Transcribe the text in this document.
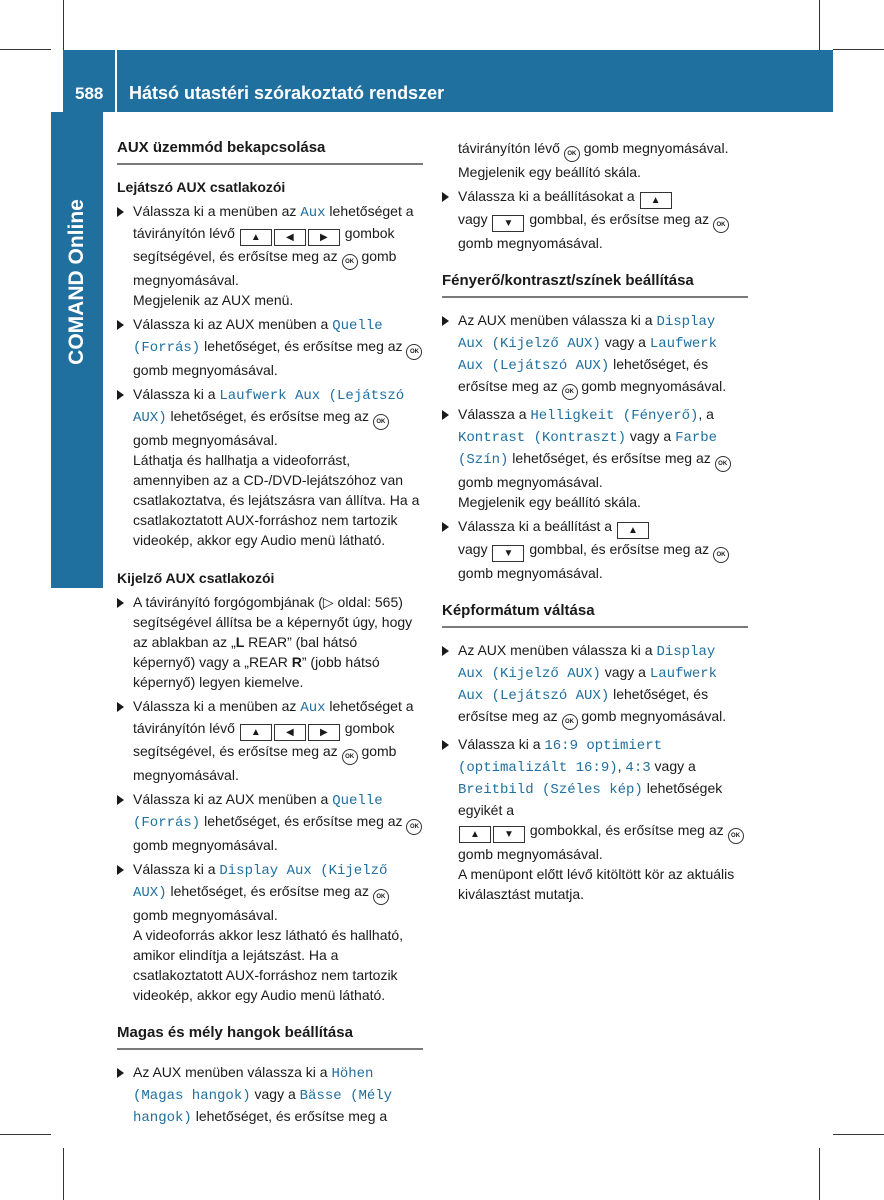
588 Hátsó utastéri szórakoztató rendszer
COMAND Online
AUX üzemmód bekapcsolása
Lejátszó AUX csatlakozói
Válassza ki a menüben az Aux lehetőséget a távirányítón lévő ▲	◀	▶ gombok segítségével, és erősítse meg az OK gomb megnyomásával.
Megjelenik az AUX menü.
Válassza ki az AUX menüben a Quelle (Forrás) lehetőséget, és erősítse meg az OK gomb megnyomásával.
Válassza ki a Laufwerk Aux (Lejátszó AUX) lehetőséget, és erősítse meg az OK gomb megnyomásával.
Láthatja és hallhatja a videoforrást, amennyiben az a CD-/DVD-lejátszóhoz van csatlakoztatva, és lejátszásra van állítva. Ha a csatlakoztatott AUX-forráshoz nem tartozik videokép, akkor egy Audio menü látható.
Kijelző AUX csatlakozói
A távirányító forgógombjának (▷ oldal: 565) segítségével állítsa be a képernyőt úgy, hogy az ablakban az „L REAR” (bal hátsó képernyő) vagy a „REAR R” (jobb hátsó képernyő) legyen kiemelve.
Válassza ki a menüben az Aux lehetőséget a távirányítón lévő ▲	◀	▶ gombok segítségével, és erősítse meg az OK gomb megnyomásával.
Válassza ki az AUX menüben a Quelle (Forrás) lehetőséget, és erősítse meg az OK gomb megnyomásával.
Válassza ki a Display Aux (Kijelző AUX) lehetőséget, és erősítse meg az OK gomb megnyomásával.
A videoforrás akkor lesz látható és hallható, amikor elindítja a lejátszást. Ha a csatlakoztatott AUX-forráshoz nem tartozik videokép, akkor egy Audio menü látható.
Magas és mély hangok beállítása
Az AUX menüben válassza ki a Höhen (Magas hangok) vagy a Bässe (Mély hangok) lehetőséget, és erősítse meg a
távirányítón lévő OK gomb megnyomásával.
Megjelenik egy beállító skála.
Válassza ki a beállításokat a ▲
vagy ▼ gombbal, és erősítse meg az OK gomb megnyomásával.
Fényerő/kontraszt/színek beállítása
Az AUX menüben válassza ki a Display Aux (Kijelző AUX) vagy a Laufwerk Aux (Lejátszó AUX) lehetőséget, és erősítse meg az OK gomb megnyomásával.
Válassza a Helligkeit (Fényerő), a Kontrast (Kontraszt) vagy a Farbe (Szín) lehetőséget, és erősítse meg az OK gomb megnyomásával.
Megjelenik egy beállító skála.
Válassza ki a beállítást a ▲
vagy ▼ gombbal, és erősítse meg az OK gomb megnyomásával.
Képformátum váltása
Az AUX menüben válassza ki a Display Aux (Kijelző AUX) vagy a Laufwerk Aux (Lejátszó AUX) lehetőséget, és erősítse meg az OK gomb megnyomásával.
Válassza ki a 16:9 optimiert (optimalizált 16:9), 4:3 vagy a Breitbild (Széles kép) lehetőségek egyikét a
▲ ▼ gombokkal, és erősítse meg az OK gomb megnyomásával.
A menüpont előtt lévő kitöltött kör az aktuális kiválasztást mutatja.
